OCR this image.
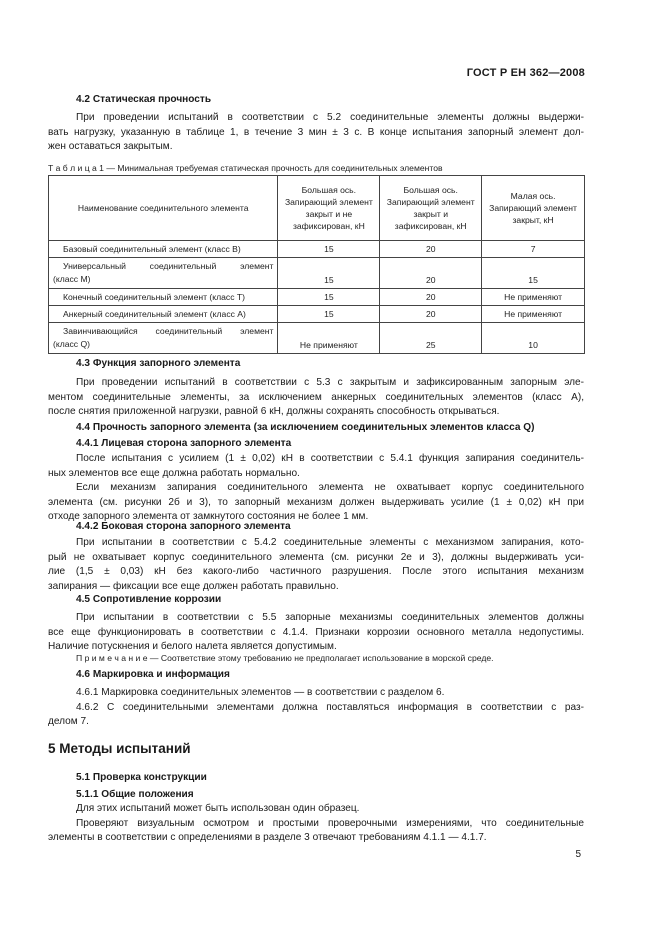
ГОСТ Р ЕН 362—2008
4.2 Статическая прочность
При проведении испытаний в соответствии с 5.2 соединительные элементы должны выдержи-
вать нагрузку, указанную в таблице 1, в течение 3 мин ± 3 с. В конце испытания запорный элемент дол-
жен оставаться закрытым.
Т а б л и ц а 1 — Минимальная требуемая статическая прочность для соединительных элементов
Наименование соединительного элемента	Большая ось. Запирающий элемент закрыт и не зафиксирован, кН	Большая ось. Запирающий элемент закрыт и зафиксирован, кН	Малая ось. Запирающий элемент закрыт, кН
Базовый соединительный элемент (класс В)	15	20	7

Универсальный соединительный элемент
(класс М)	15	20	15
Конечный соединительный элемент (класс Т)	15	20	Не применяют
Анкерный соединительный элемент (класс А)	15	20	Не применяют

Завинчивающийся соединительный элемент
(класс Q)	Не применяют	25	10
4.3 Функция запорного элемента
При проведении испытаний в соответствии с 5.3 с закрытым и зафиксированным запорным эле-
ментом соединительные элементы, за исключением анкерных соединительных элементов (класс А),
после снятия приложенной нагрузки, равной 6 кН, должны сохранять способность открываться.
4.4 Прочность запорного элемента (за исключением соединительных элементов класса Q)
4.4.1 Лицевая сторона запорного элемента
После испытания с усилием (1 ± 0,02) кН в соответствии с 5.4.1 функция запирания соединитель-
ных элементов все еще должна работать нормально.
Если механизм запирания соединительного элемента не охватывает корпус соединительного
элемента (см. рисунки 2б и 3), то запорный механизм должен выдерживать усилие (1 ± 0,02) кН при
отходе запорного элемента от замкнутого состояния не более 1 мм.
4.4.2 Боковая сторона запорного элемента
При испытании в соответствии с 5.4.2 соединительные элементы с механизмом запирания, кото-
рый не охватывает корпус соединительного элемента (см. рисунки 2е и 3), должны выдерживать уси-
лие (1,5 ± 0,03) кН без какого-либо частичного разрушения. После этого испытания механизм
запирания — фиксации все еще должен работать правильно.
4.5 Сопротивление коррозии
При испытании в соответствии с 5.5 запорные механизмы соединительных элементов должны
все еще функционировать в соответствии с 4.1.4. Признаки коррозии основного металла недопустимы.
Наличие потускнения и белого налета является допустимым.
П р и м е ч а н и е — Соответствие этому требованию не предполагает использование в морской среде.
4.6 Маркировка и информация
4.6.1 Маркировка соединительных элементов — в соответствии с разделом 6.
4.6.2 С соединительными элементами должна поставляться информация в соответствии с раз-
делом 7.
5 Методы испытаний
5.1 Проверка конструкции
5.1.1 Общие положения
Для этих испытаний может быть использован один образец.
Проверяют визуальным осмотром и простыми проверочными измерениями, что соединительные
элементы в соответствии с определениями в разделе 3 отвечают требованиям 4.1.1 — 4.1.7.
5
